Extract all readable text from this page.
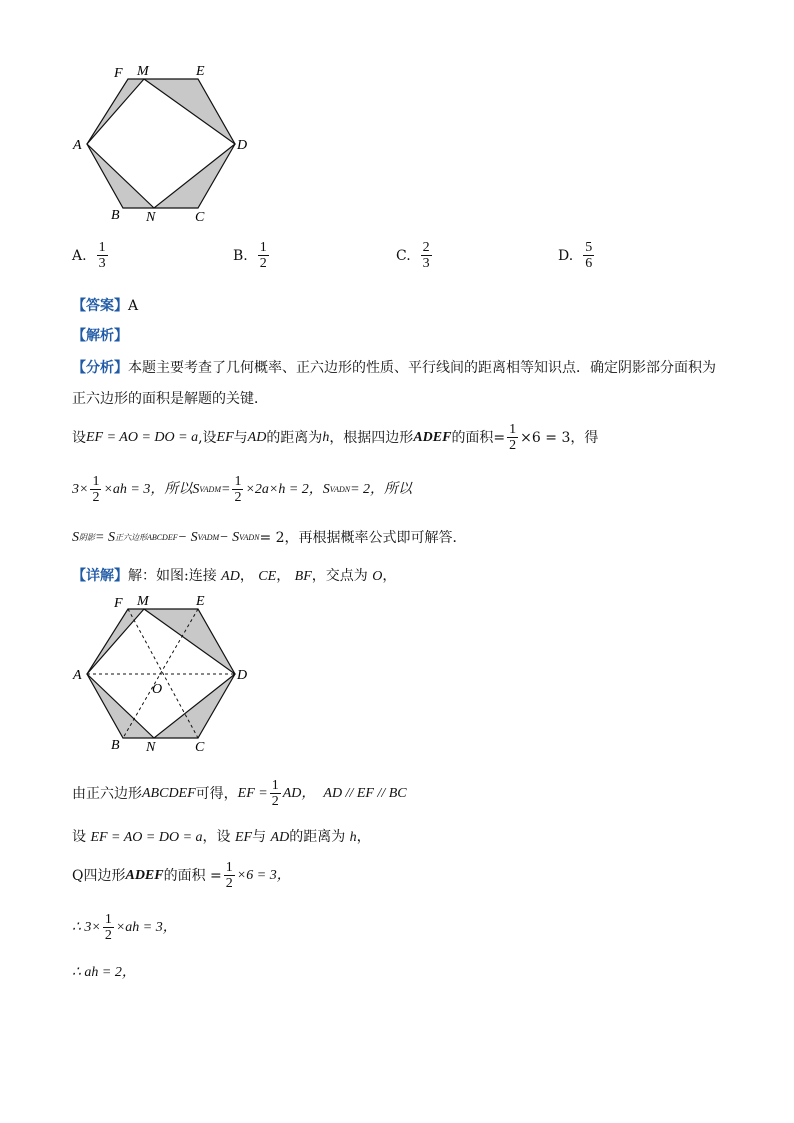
F M	E
A	D
B N	C
A. $\frac{1}{3}$	B. $\frac{1}{2}$	C. $\frac{2}{3}$	D. $\frac{5}{6}$
【答案】A
【解析】
【分析】本题主要考查了几何概率、正六边形的性质、平行线间的距离相等知识点．确定阴影部分面积为
正六边形的面积是解题的关键．
设 EF = AO = DO = a ,设 EF 与 AD 的距离为 h ，根据四边形 ADEF 的面积= $\frac{1}{2} \times 6 = 3$，得
$3\times \frac{1}{2} \times ah = 3$，所以 S VADM = $\frac{1}{2} \times 2a\times h = 2$， S VADN = 2，所以
S 阴影 = S 正六边形ABCDEF − S VADM − S VADN = 2，再根据概率公式即可解答．
【详解】解：如图:连接 AD， CE， BF，交点为 O，
F M	E
A	D
O
B N	C
由正六边形 ABCDEF 可得， EF = $\frac{1}{2}$ AD， AD // EF // BC
设 EF = AO = DO = a，设 EF与 AD的距离为 h，
Q四边形 ADEF 的面积 = $\frac{1}{2} \times 6 = 3$，
∴ $3\times \frac{1}{2} \times ah = 3$，
∴ ah = 2，
